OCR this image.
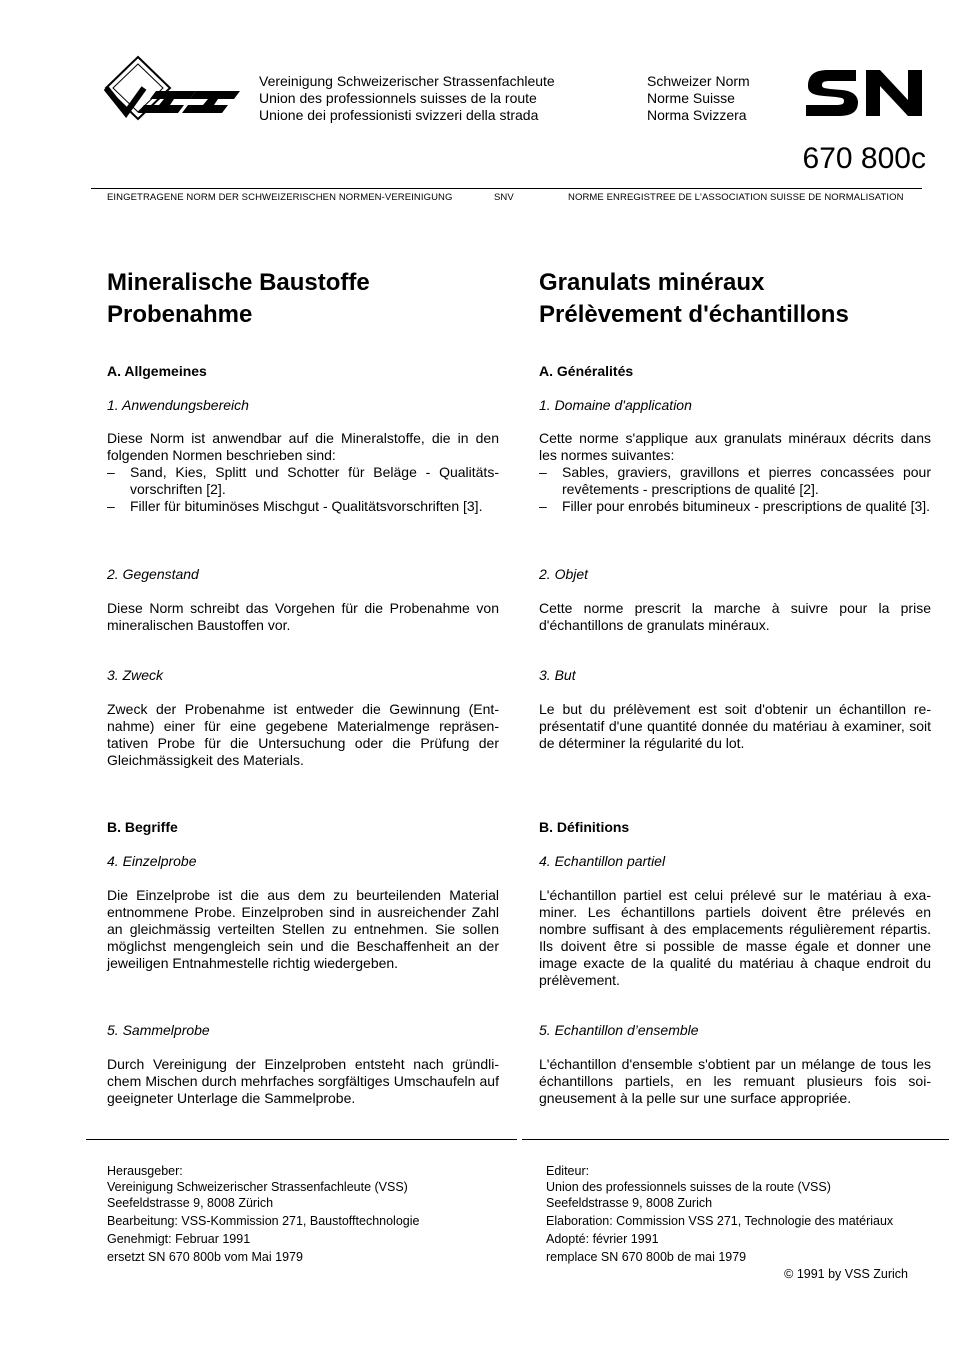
Vereinigung Schweizerischer Strassenfachleute
Union des professionnels suisses de la route
Unione dei professionisti svizzeri della strada
Schweizer Norm
Norme Suisse
Norma Svizzera
670 800c
EINGETRAGENE NORM DER SCHWEIZERISCHEN NORMEN-VEREINIGUNG	SNV	NORME ENREGISTREE DE L'ASSOCIATION SUISSE DE NORMALISATION
Mineralische Baustoffe
Probenahme
A. Allgemeines
1. Anwendungsbereich
Diese Norm ist anwendbar auf die Mineralstoffe, die in den folgenden Normen beschrieben sind:
– Sand, Kies, Splitt und Schotter für Beläge - Qualitätsvorschriften [2].
– Filler für bituminöses Mischgut - Qualitätsvorschriften [3].
2. Gegenstand
Diese Norm schreibt das Vorgehen für die Probenahme von mineralischen Baustoffen vor.
3. Zweck
Zweck der Probenahme ist entweder die Gewinnung (Entnahme) einer für eine gegebene Materialmenge repräsentativen Probe für die Untersuchung oder die Prüfung der Gleichmässigkeit des Materials.
B. Begriffe
4. Einzelprobe
Die Einzelprobe ist die aus dem zu beurteilenden Material entnommene Probe. Einzelproben sind in ausreichender Zahl an gleichmässig verteilten Stellen zu entnehmen. Sie sollen möglichst mengengleich sein und die Beschaffenheit an der jeweiligen Entnahmestelle richtig wiedergeben.
5. Sammelprobe
Durch Vereinigung der Einzelproben entsteht nach gründlichem Mischen durch mehrfaches sorgfältiges Umschaufeln auf geeigneter Unterlage die Sammelprobe.
Granulats minéraux
Prélèvement d'échantillons
A. Généralités
1. Domaine d'application
Cette norme s'applique aux granulats minéraux décrits dans les normes suivantes:
– Sables, graviers, gravillons et pierres concassées pour revêtements - prescriptions de qualité [2].
– Filler pour enrobés bitumineux - prescriptions de qualité [3].
2. Objet
Cette norme prescrit la marche à suivre pour la prise d'échantillons de granulats minéraux.
3. But
Le but du prélèvement est soit d'obtenir un échantillon représentatif d'une quantité donnée du matériau à examiner, soit de déterminer la régularité du lot.
B. Définitions
4. Echantillon partiel
L'échantillon partiel est celui prélevé sur le matériau à examiner. Les échantillons partiels doivent être prélevés en nombre suffisant à des emplacements régulièrement répartis. Ils doivent être si possible de masse égale et donner une image exacte de la qualité du matériau à chaque endroit du prélèvement.
5. Echantillon d’ensemble
L'échantillon d'ensemble s'obtient par un mélange de tous les échantillons partiels, en les remuant plusieurs fois soigneusement à la pelle sur une surface appropriée.
Herausgeber:
Vereinigung Schweizerischer Strassenfachleute (VSS)
Seefeldstrasse 9, 8008 Zürich
Bearbeitung: VSS-Kommission 271, Baustofftechnologie
Genehmigt: Februar 1991
ersetzt SN 670 800b vom Mai 1979
Editeur:
Union des professionnels suisses de la route (VSS)
Seefeldstrasse 9, 8008 Zurich
Elaboration: Commission VSS 271, Technologie des matériaux
Adopté: février 1991
remplace SN 670 800b de mai 1979
© 1991 by VSS Zurich
